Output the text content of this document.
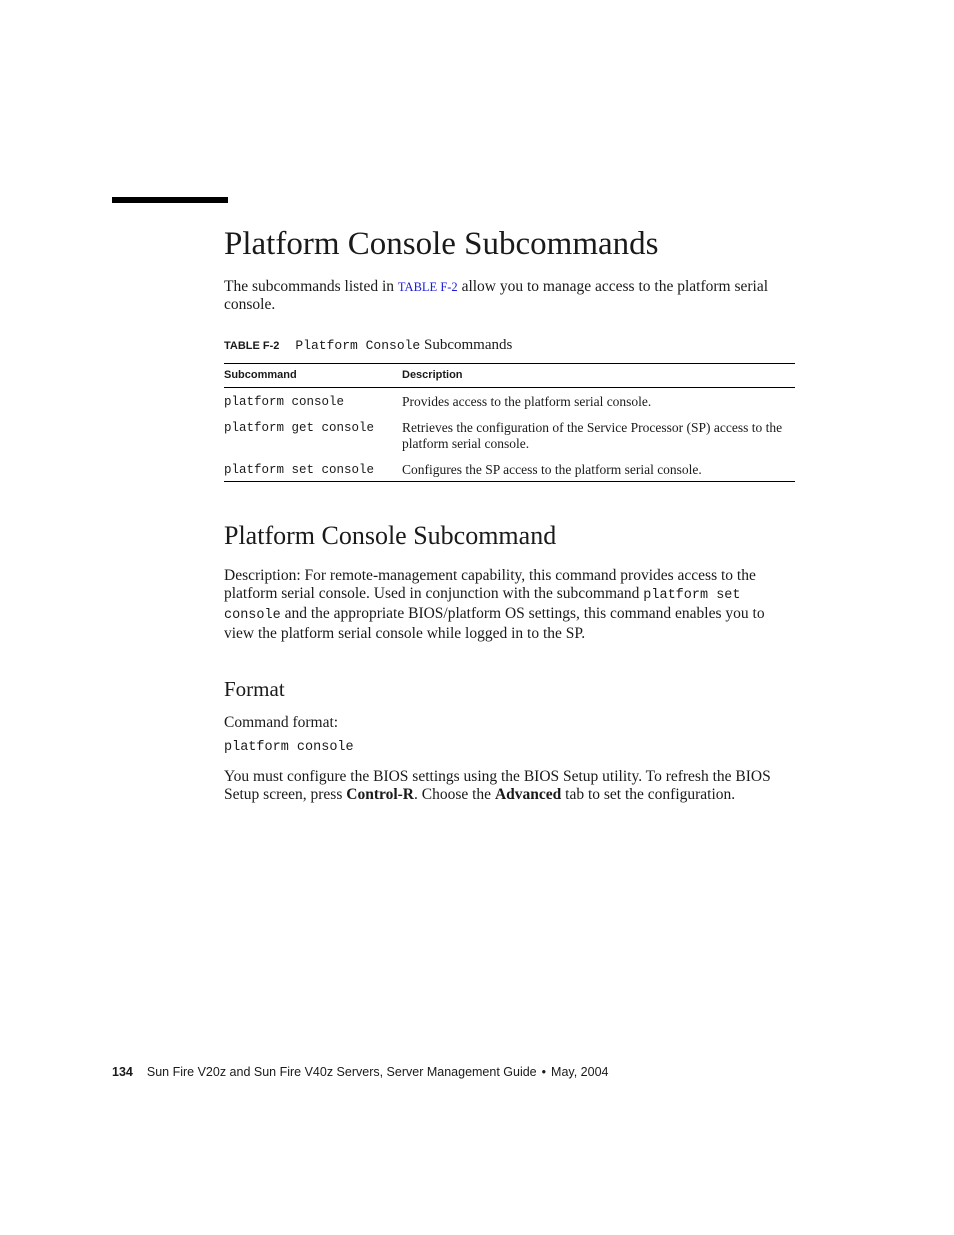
Platform Console Subcommands

The subcommands listed in TABLE F-2 allow you to manage access to the platform serial console.

TABLE F-2 Platform Console Subcommands
Subcommand	Description
platform console	Provides access to the platform serial console.
platform get console	Retrieves the configuration of the Service Processor (SP) access to the platform serial console.
platform set console	Configures the SP access to the platform serial console.
Platform Console Subcommand

Description: For remote-management capability, this command provides access to the platform serial console. Used in conjunction with the subcommand platform set console and the appropriate BIOS/platform OS settings, this command enables you to view the platform serial console while logged in to the SP.

Format

Command format:

platform console

You must configure the BIOS settings using the BIOS Setup utility. To refresh the BIOS Setup screen, press Control-R. Choose the Advanced tab to set the configuration.

134 Sun Fire V20z and Sun Fire V40z Servers, Server Management Guide • May, 2004
